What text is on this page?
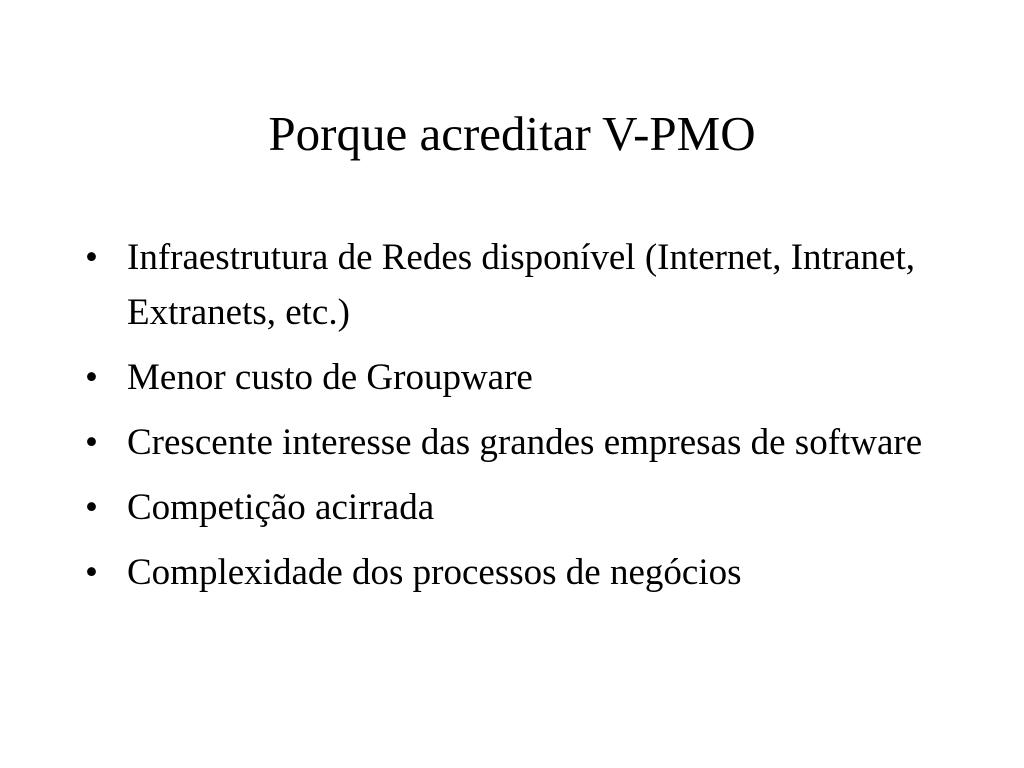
Porque acreditar V-PMO
• Infraestrutura de Redes disponível (Internet, Intranet, Extranets, etc.)
• Menor custo de Groupware
• Crescente interesse das grandes empresas de software
• Competição acirrada
• Complexidade dos processos de negócios
